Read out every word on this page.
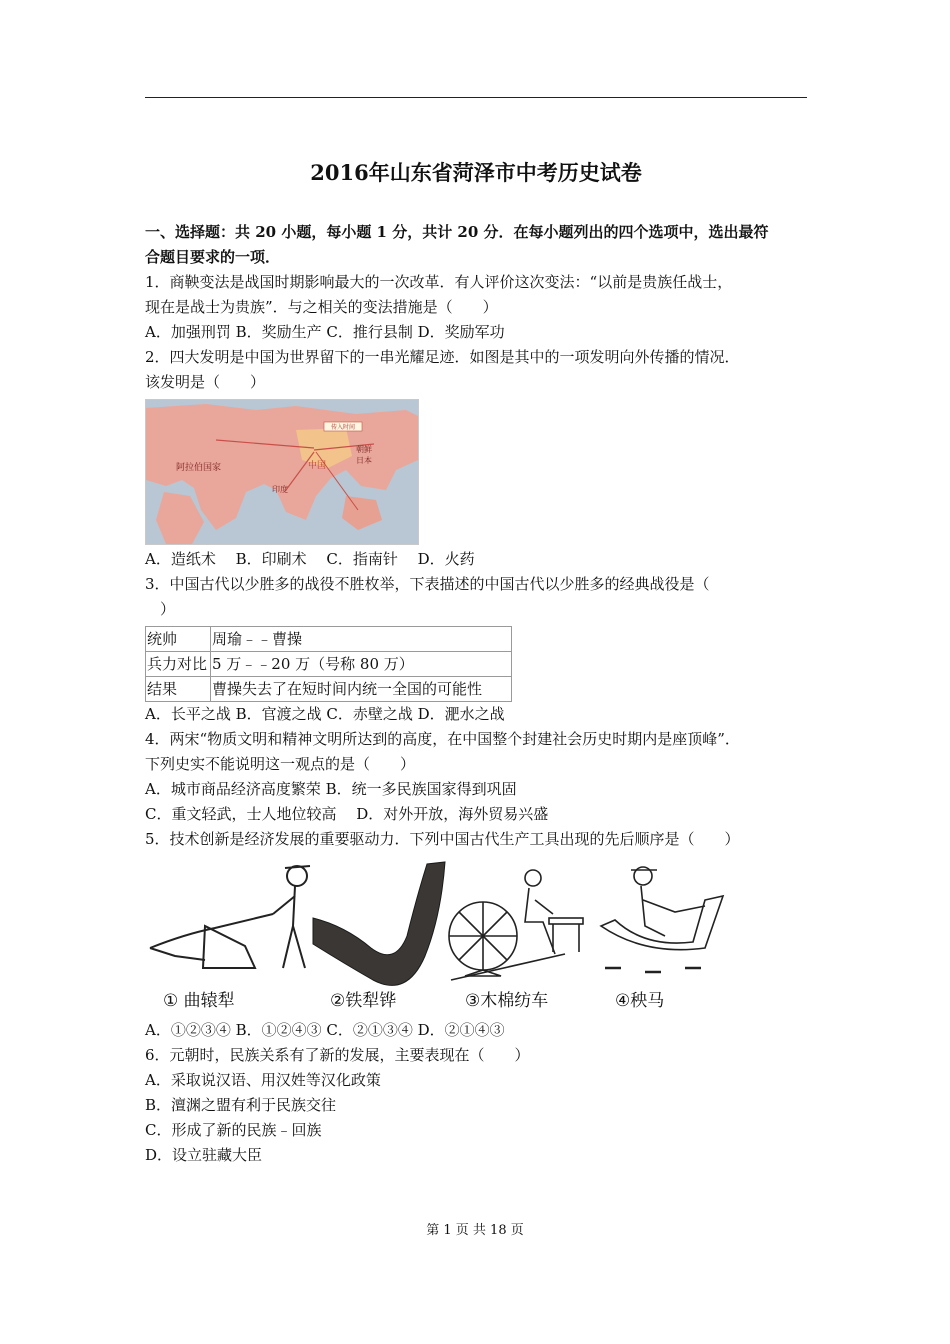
2016年山东省菏泽市中考历史试卷

一、选择题：共 20 小题，每小题 1 分，共计 20 分．在每小题列出的四个选项中，选出最符

合题目要求的一项．

1．商鞅变法是战国时期影响最大的一次改革．有人评价这次变法：“以前是贵族任战士，

现在是战士为贵族”．与之相关的变法措施是（　　）

A．加强刑罚 B．奖励生产 C．推行县制 D．奖励军功

2．四大发明是中国为世界留下的一串光耀足迹．如图是其中的一项发明向外传播的情况．

该发明是（　　）

传入时间
阿拉伯国家	中国
朝鲜
日本
印度

A．造纸术　 B．印刷术　 C．指南针　 D．火药

3．中国古代以少胜多的战役不胜枚举，下表描述的中国古代以少胜多的经典战役是（

　）

统帅	周瑜﹣﹣曹操
兵力对比	5 万﹣﹣20 万（号称 80 万）
结果	曹操失去了在短时间内统一全国的可能性

A．长平之战 B．官渡之战 C．赤壁之战 D．淝水之战

4．两宋“物质文明和精神文明所达到的高度，在中国整个封建社会历史时期内是座顶峰”．

下列史实不能说明这一观点的是（　　）

A．城市商品经济高度繁荣 B．统一多民族国家得到巩固

C．重文轻武，士人地位较高　 D．对外开放，海外贸易兴盛

5．技术创新是经济发展的重要驱动力．下列中国古代生产工具出现的先后顺序是（　　）

① 曲辕犁	②铁犁铧	③木棉纺车	④秧马

A．①②③④ B．①②④③ C．②①③④ D．②①④③

6．元朝时，民族关系有了新的发展，主要表现在（　　）

A．采取说汉语、用汉姓等汉化政策

B．澶渊之盟有利于民族交往

C．形成了新的民族﹣回族

D．设立驻藏大臣

第 1 页 共 18 页
